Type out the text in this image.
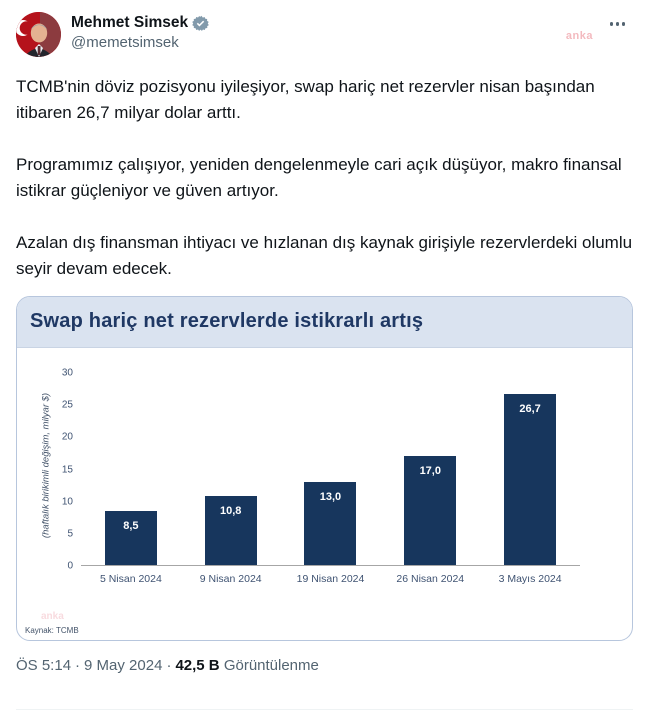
Mehmet Simsek
@memetsimsek	anka

TCMB'nin döviz pozisyonu iyileşiyor, swap hariç net rezervler nisan başından itibaren 26,7 milyar dolar arttı.

Programımız çalışıyor, yeniden dengelenmeyle cari açık düşüyor, makro finansal istikrar güçleniyor ve güven artıyor.

Azalan dış finansman ihtiyacı ve hızlanan dış kaynak girişiyle rezervlerdeki olumlu seyir devam edecek.

Swap hariç net rezervlerde istikrarlı artış
(haftalık birikimli değişim, milyar $)
30
25
20
15
10
5
0
8,5
10,8
13,0
17,0
26,7
5 Nisan 2024	9 Nisan 2024	19 Nisan 2024	26 Nisan 2024	3 Mayıs 2024
anka
Kaynak: TCMB
ÖS 5:14 · 9 May 2024 · 42,5 B Görüntülenme
